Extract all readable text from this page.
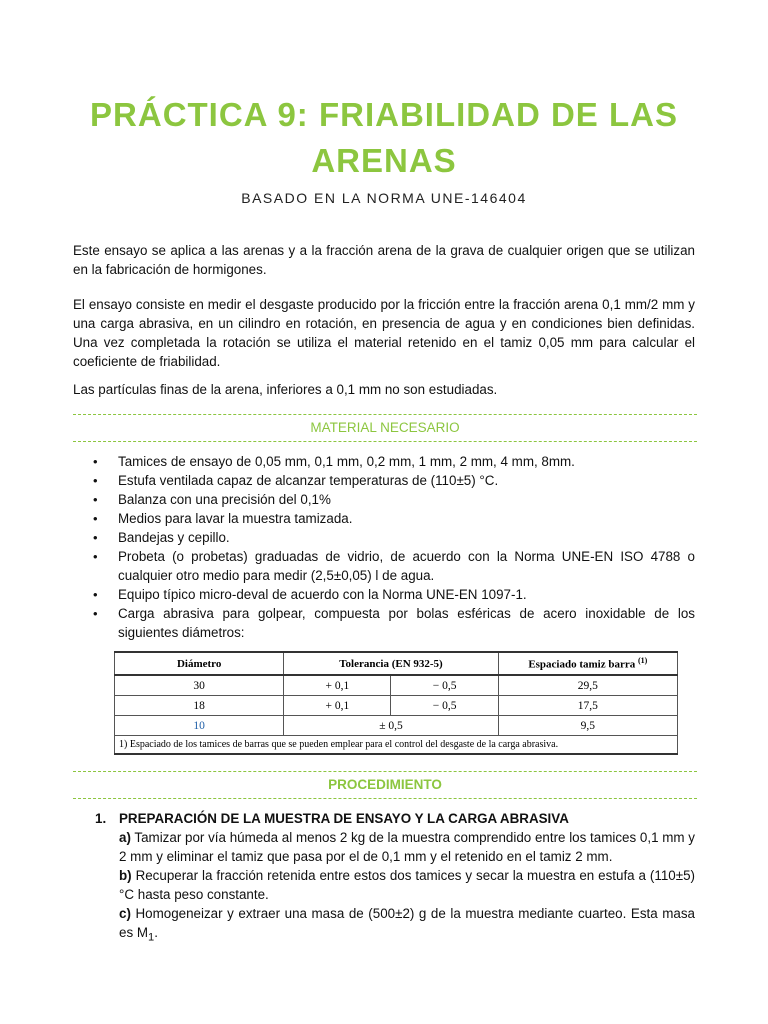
PRÁCTICA 9: FRIABILIDAD DE LAS
ARENAS
BASADO EN LA NORMA UNE-146404
Este ensayo se aplica a las arenas y a la fracción arena de la grava de cualquier origen que se utilizan en la fabricación de hormigones.
El ensayo consiste en medir el desgaste producido por la fricción entre la fracción arena 0,1 mm/2 mm y una carga abrasiva, en un cilindro en rotación, en presencia de agua y en condiciones bien definidas. Una vez completada la rotación se utiliza el material retenido en el tamiz 0,05 mm para calcular el coeficiente de friabilidad.
Las partículas finas de la arena, inferiores a 0,1 mm no son estudiadas.
MATERIAL NECESARIO
• Tamices de ensayo de 0,05 mm, 0,1 mm, 0,2 mm, 1 mm, 2 mm, 4 mm, 8mm.
• Estufa ventilada capaz de alcanzar temperaturas de (110±5) °C.
• Balanza con una precisión del 0,1%
• Medios para lavar la muestra tamizada.
• Bandejas y cepillo.
• Probeta (o probetas) graduadas de vidrio, de acuerdo con la Norma UNE-EN ISO 4788 o cualquier otro medio para medir (2,5±0,05) l de agua.
• Equipo típico micro-deval de acuerdo con la Norma UNE-EN 1097-1.
• Carga abrasiva para golpear, compuesta por bolas esféricas de acero inoxidable de los siguientes diámetros:
Diámetro	Tolerancia (EN 932-5)		Espaciado tamiz barra $^{(1)}$
30	+ 0,1	− 0,5	29,5
18	+ 0,1	− 0,5	17,5
10	± 0,5		9,5
1) Espaciado de los tamices de barras que se pueden emplear para el control del desgaste de la carga abrasiva.			
PROCEDIMIENTO
1. PREPARACIÓN DE LA MUESTRA DE ENSAYO Y LA CARGA ABRASIVA
a) Tamizar por vía húmeda al menos 2 kg de la muestra comprendido entre los tamices 0,1 mm y 2 mm y eliminar el tamiz que pasa por el de 0,1 mm y el retenido en el tamiz 2 mm.
b) Recuperar la fracción retenida entre estos dos tamices y secar la muestra en estufa a (110±5)°C hasta peso constante.
c) Homogeneizar y extraer una masa de (500±2) g de la muestra mediante cuarteo. Esta masa es $M_1$.
